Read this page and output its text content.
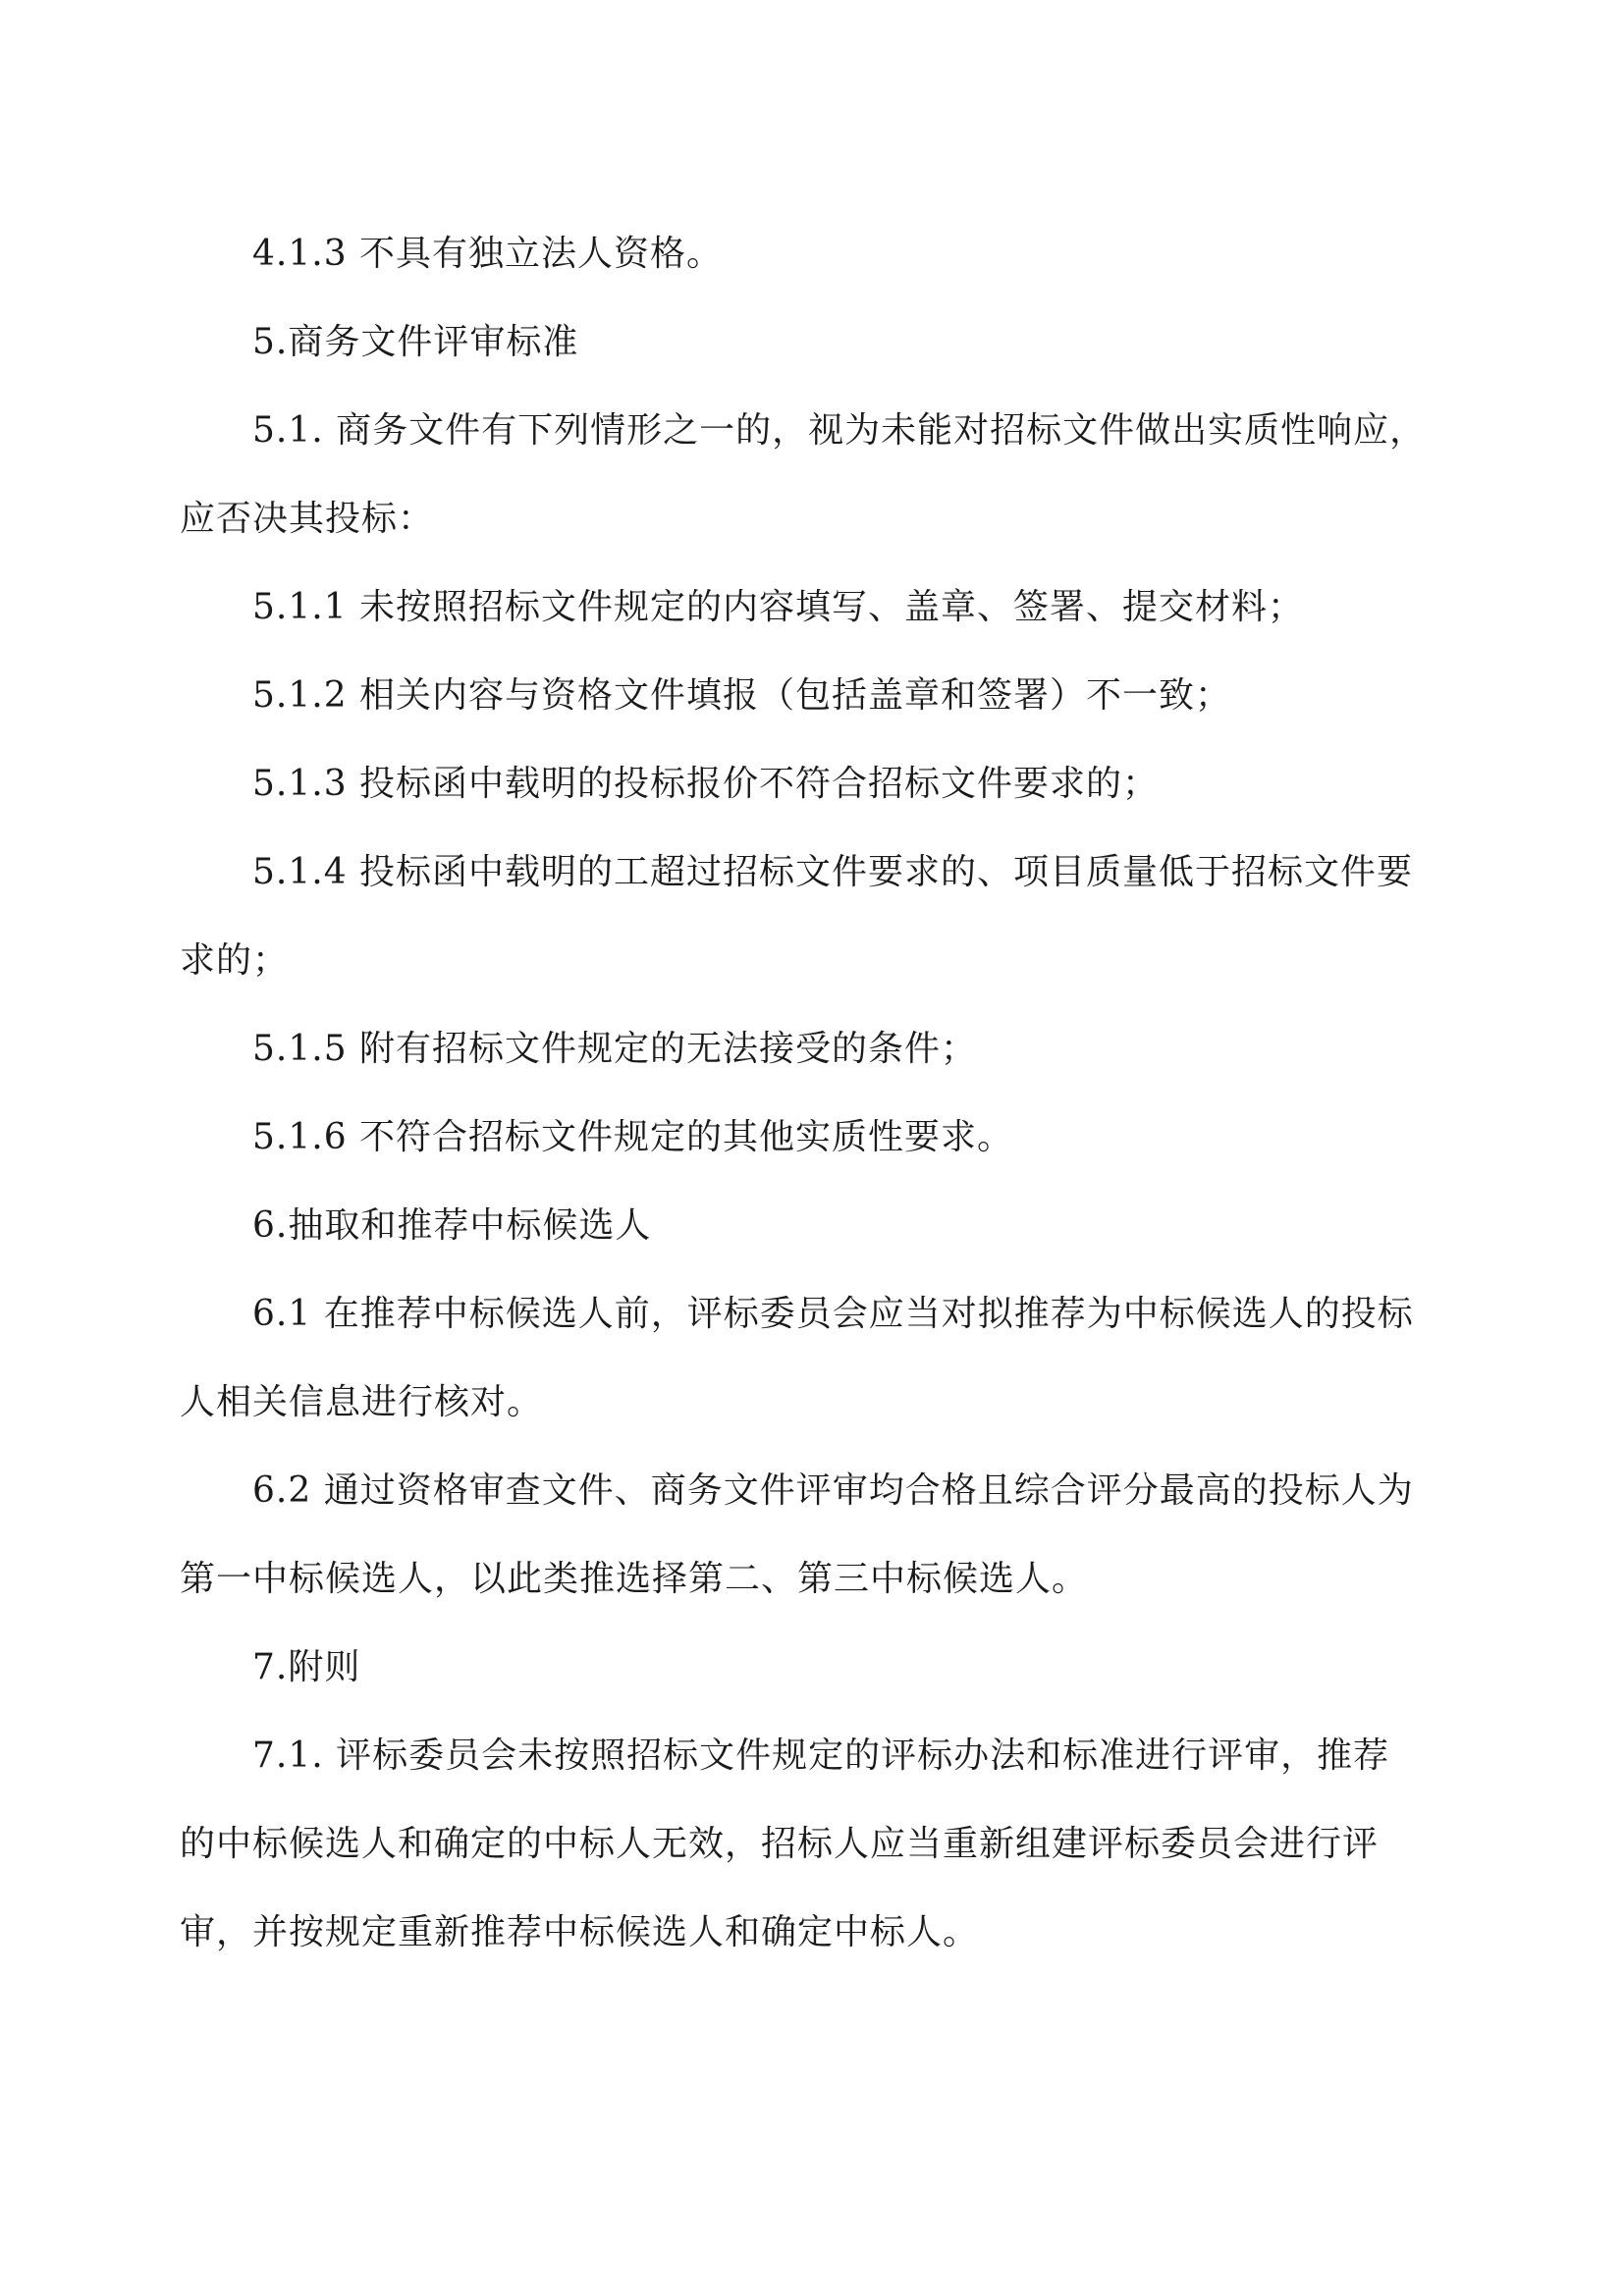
4.1.3 不具有独立法人资格。

5.商务文件评审标准

5.1. 商务文件有下列情形之一的，视为未能对招标文件做出实质性响应，
应否决其投标：

5.1.1 未按照招标文件规定的内容填写、盖章、签署、提交材料；

5.1.2 相关内容与资格文件填报（包括盖章和签署）不一致；

5.1.3 投标函中载明的投标报价不符合招标文件要求的；

5.1.4 投标函中载明的工超过招标文件要求的、项目质量低于招标文件要
求的；

5.1.5 附有招标文件规定的无法接受的条件；

5.1.6 不符合招标文件规定的其他实质性要求。

6.抽取和推荐中标候选人

6.1 在推荐中标候选人前，评标委员会应当对拟推荐为中标候选人的投标
人相关信息进行核对。

6.2 通过资格审查文件、商务文件评审均合格且综合评分最高的投标人为
第一中标候选人，以此类推选择第二、第三中标候选人。

7.附则

7.1. 评标委员会未按照招标文件规定的评标办法和标准进行评审，推荐
的中标候选人和确定的中标人无效，招标人应当重新组建评标委员会进行评
审，并按规定重新推荐中标候选人和确定中标人。
